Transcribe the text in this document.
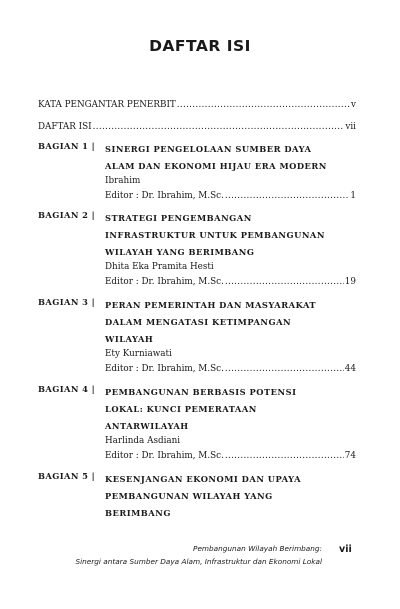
DAFTAR ISI
KATA PENGANTAR PENERBIT .....	v
DAFTAR ISI .....	vii
BAGIAN 1 | SINERGI PENGELOLAAN SUMBER DAYA
ALAM DAN EKONOMI HIJAU ERA MODERN
Ibrahim
Editor : Dr. Ibrahim, M.Sc. .....	1
BAGIAN 2 | STRATEGI PENGEMBANGAN
INFRASTRUKTUR UNTUK PEMBANGUNAN
WILAYAH YANG BERIMBANG
Dhita Eka Pramita Hesti
Editor : Dr. Ibrahim, M.Sc. .....	19
BAGIAN 3 | PERAN PEMERINTAH DAN MASYARAKAT
DALAM MENGATASI KETIMPANGAN
WILAYAH
Ety Kurniawati
Editor : Dr. Ibrahim, M.Sc. .....	44
BAGIAN 4 | PEMBANGUNAN BERBASIS POTENSI
LOKAL: KUNCI PEMERATAAN
ANTARWILAYAH
Harlinda Asdiani
Editor : Dr. Ibrahim, M.Sc. .....	74
BAGIAN 5 | KESENJANGAN EKONOMI DAN UPAYA
PEMBANGUNAN WILAYAH YANG
BERIMBANG
Pembangunan Wilayah Berimbang:
Sinergi antara Sumber Daya Alam, Infrastruktur dan Ekonomi Lokal
vii
